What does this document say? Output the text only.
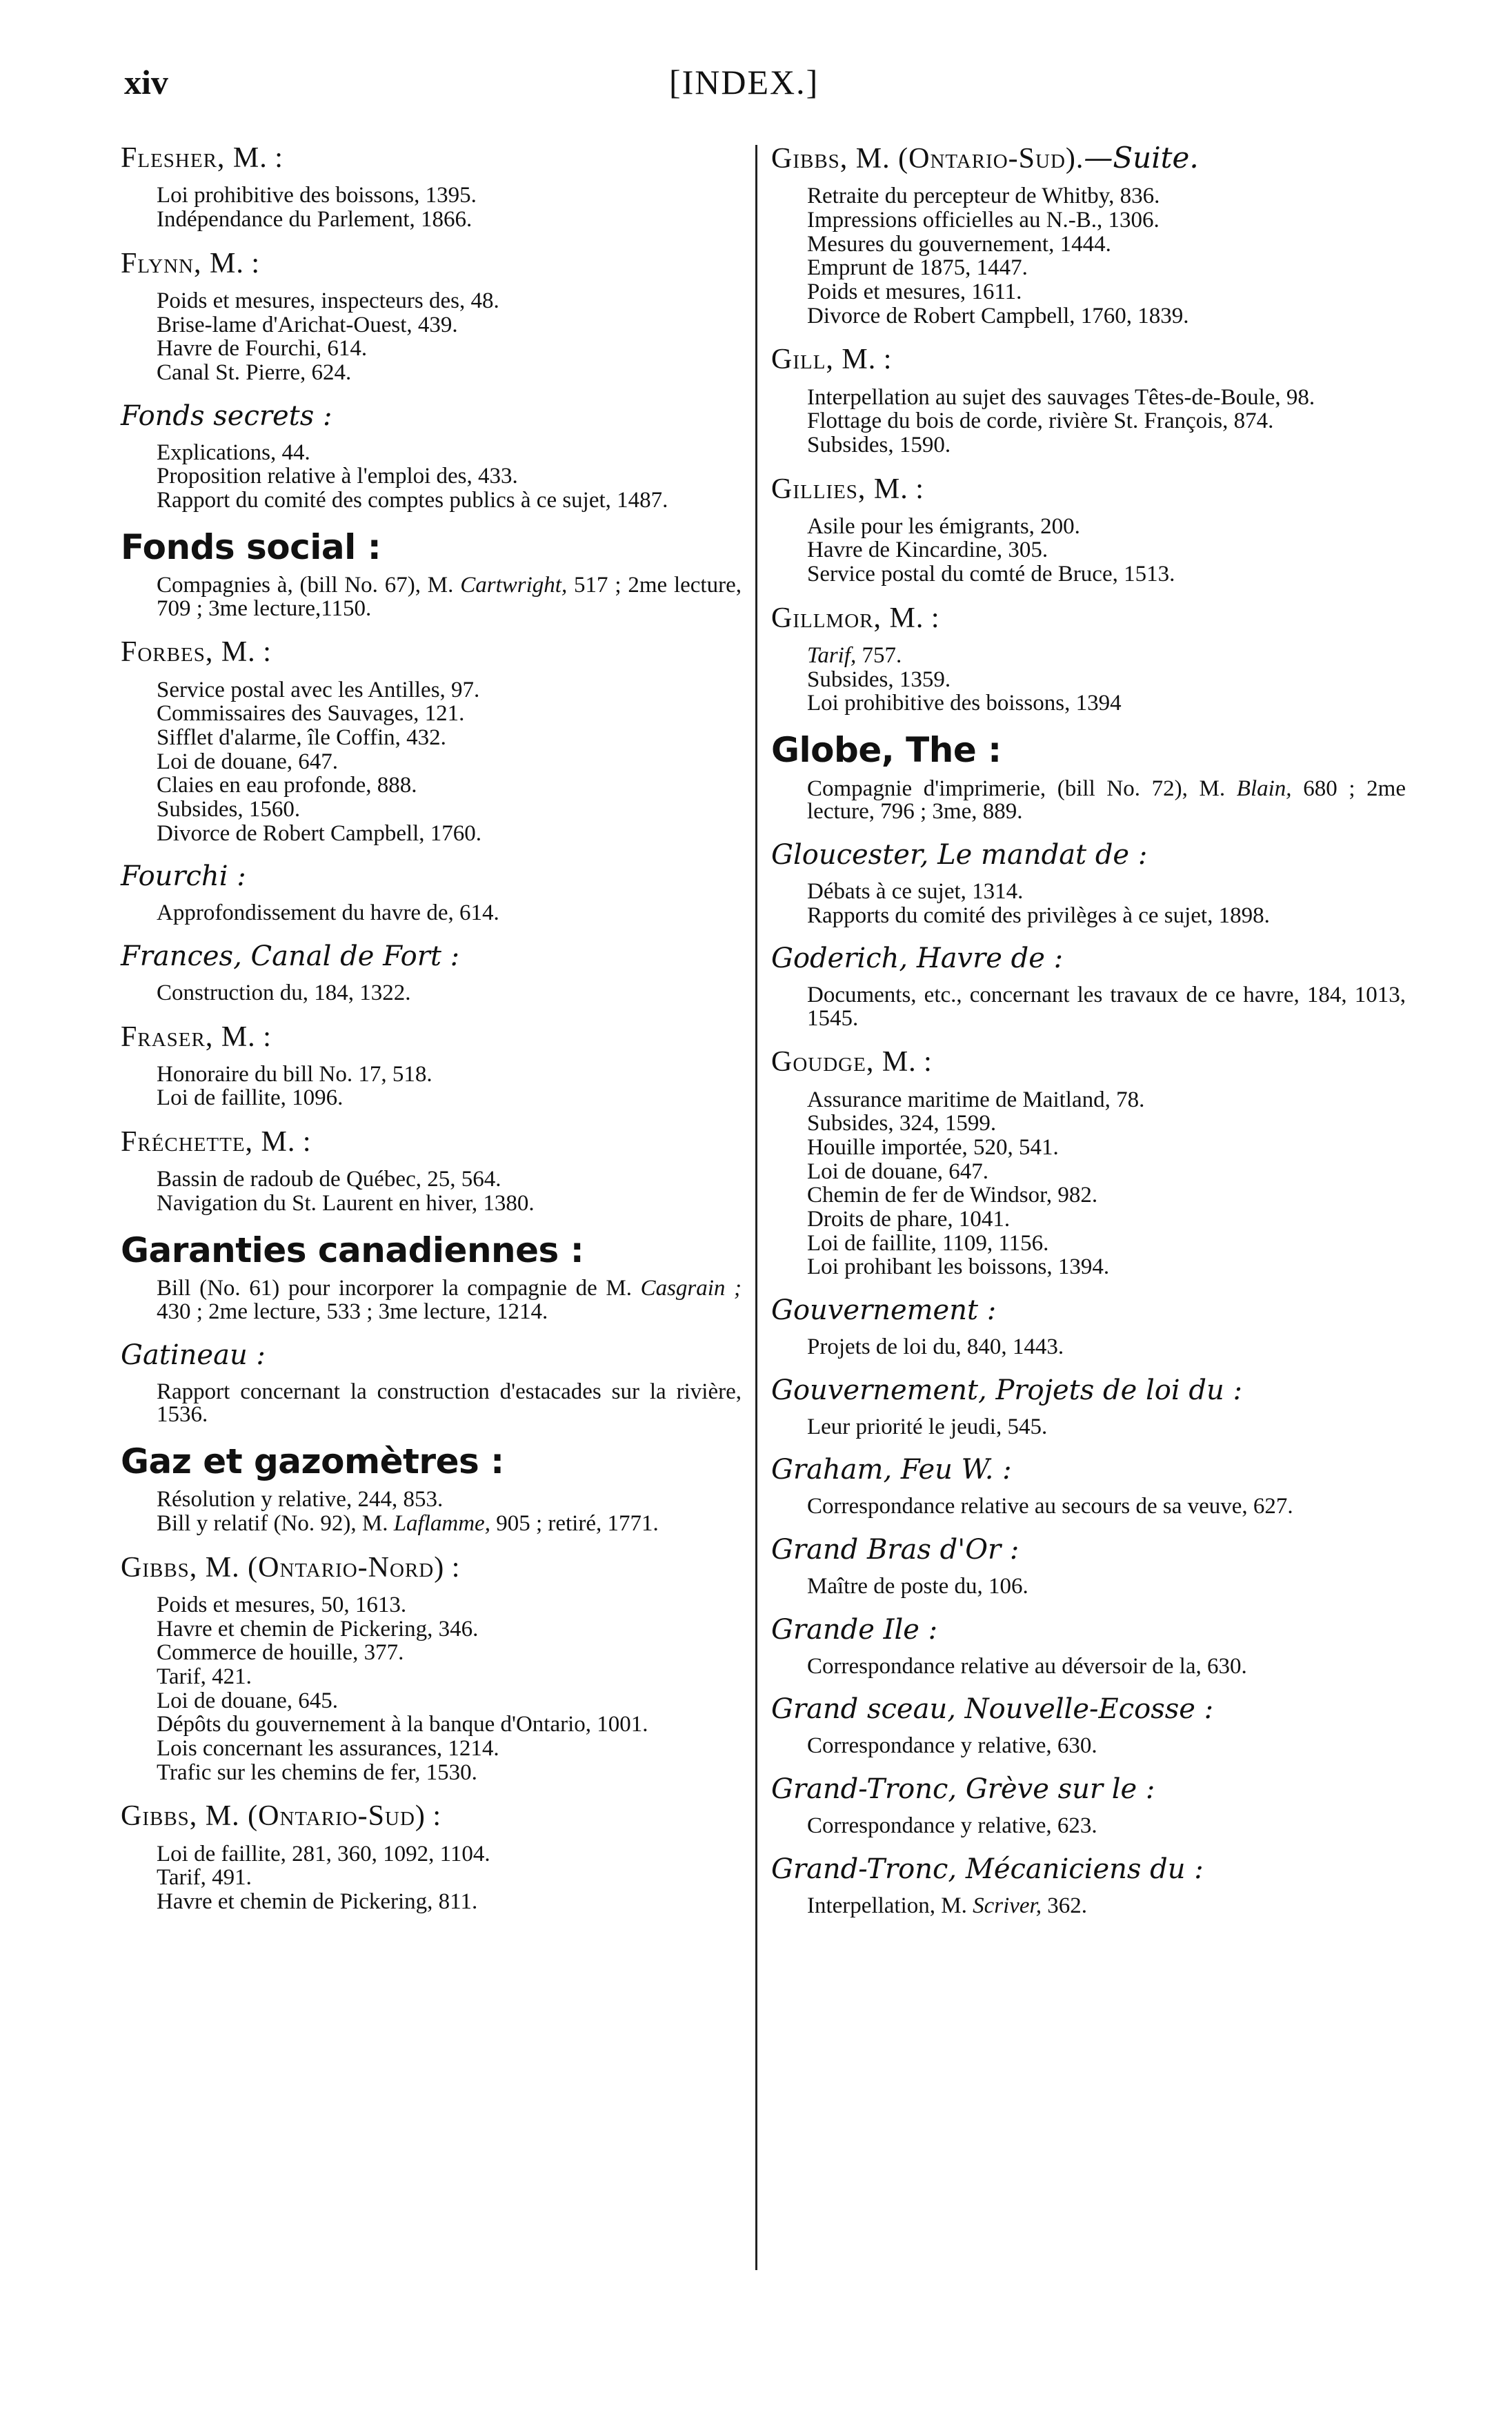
xiv	[INDEX.]
Flesher, M. :
Loi prohibitive des boissons, 1395.
Indépendance du Parlement, 1866.
Flynn, M. :
Poids et mesures, inspecteurs des, 48.
Brise-lame d'Arichat-Ouest, 439.
Havre de Fourchi, 614.
Canal St. Pierre, 624.
Fonds secrets :
Explications, 44.
Proposition relative à l'emploi des, 433.
Rapport du comité des comptes publics à ce sujet, 1487.
Fonds social :
Compagnies à, (bill No. 67), M. Cartwright, 517 ; 2me lecture, 709 ; 3me lecture,1150.
Forbes, M. :
Service postal avec les Antilles, 97.
Commissaires des Sauvages, 121.
Sifflet d'alarme, île Coffin, 432.
Loi de douane, 647.
Claies en eau profonde, 888.
Subsides, 1560.
Divorce de Robert Campbell, 1760.
Fourchi :
Approfondissement du havre de, 614.
Frances, Canal de Fort :
Construction du, 184, 1322.
Fraser, M. :
Honoraire du bill No. 17, 518.
Loi de faillite, 1096.
Fréchette, M. :
Bassin de radoub de Québec, 25, 564.
Navigation du St. Laurent en hiver, 1380.
Garanties canadiennes :
Bill (No. 61) pour incorporer la compagnie de M. Casgrain ; 430 ; 2me lecture, 533 ; 3me lecture, 1214.
Gatineau :
Rapport concernant la construction d'estacades sur la rivière, 1536.
Gaz et gazomètres :
Résolution y relative, 244, 853.
Bill y relatif (No. 92), M. Laflamme, 905 ; retiré, 1771.
Gibbs, M. (Ontario-Nord) :
Poids et mesures, 50, 1613.
Havre et chemin de Pickering, 346.
Commerce de houille, 377.
Tarif, 421.
Loi de douane, 645.
Dépôts du gouvernement à la banque d'Ontario, 1001.
Lois concernant les assurances, 1214.
Trafic sur les chemins de fer, 1530.
Gibbs, M. (Ontario-Sud) :
Loi de faillite, 281, 360, 1092, 1104.
Tarif, 491.
Havre et chemin de Pickering, 811.
Gibbs, M. (Ontario-Sud).—Suite.
Retraite du percepteur de Whitby, 836.
Impressions officielles au N.-B., 1306.
Mesures du gouvernement, 1444.
Emprunt de 1875, 1447.
Poids et mesures, 1611.
Divorce de Robert Campbell, 1760, 1839.
Gill, M. :
Interpellation au sujet des sauvages Têtes-de-Boule, 98.
Flottage du bois de corde, rivière St. François, 874.
Subsides, 1590.
Gillies, M. :
Asile pour les émigrants, 200.
Havre de Kincardine, 305.
Service postal du comté de Bruce, 1513.
Gillmor, M. :
Tarif, 757.
Subsides, 1359.
Loi prohibitive des boissons, 1394
Globe, The :
Compagnie d'imprimerie, (bill No. 72), M. Blain, 680 ; 2me lecture, 796 ; 3me, 889.
Gloucester, Le mandat de :
Débats à ce sujet, 1314.
Rapports du comité des privilèges à ce sujet, 1898.
Goderich, Havre de :
Documents, etc., concernant les travaux de ce havre, 184, 1013, 1545.
Goudge, M. :
Assurance maritime de Maitland, 78.
Subsides, 324, 1599.
Houille importée, 520, 541.
Loi de douane, 647.
Chemin de fer de Windsor, 982.
Droits de phare, 1041.
Loi de faillite, 1109, 1156.
Loi prohibant les boissons, 1394.
Gouvernement :
Projets de loi du, 840, 1443.
Gouvernement, Projets de loi du :
Leur priorité le jeudi, 545.
Graham, Feu W. :
Correspondance relative au secours de sa veuve, 627.
Grand Bras d'Or :
Maître de poste du, 106.
Grande Ile :
Correspondance relative au déversoir de la, 630.
Grand sceau, Nouvelle-Ecosse :
Correspondance y relative, 630.
Grand-Tronc, Grève sur le :
Correspondance y relative, 623.
Grand-Tronc, Mécaniciens du :
Interpellation, M. Scriver, 362.
